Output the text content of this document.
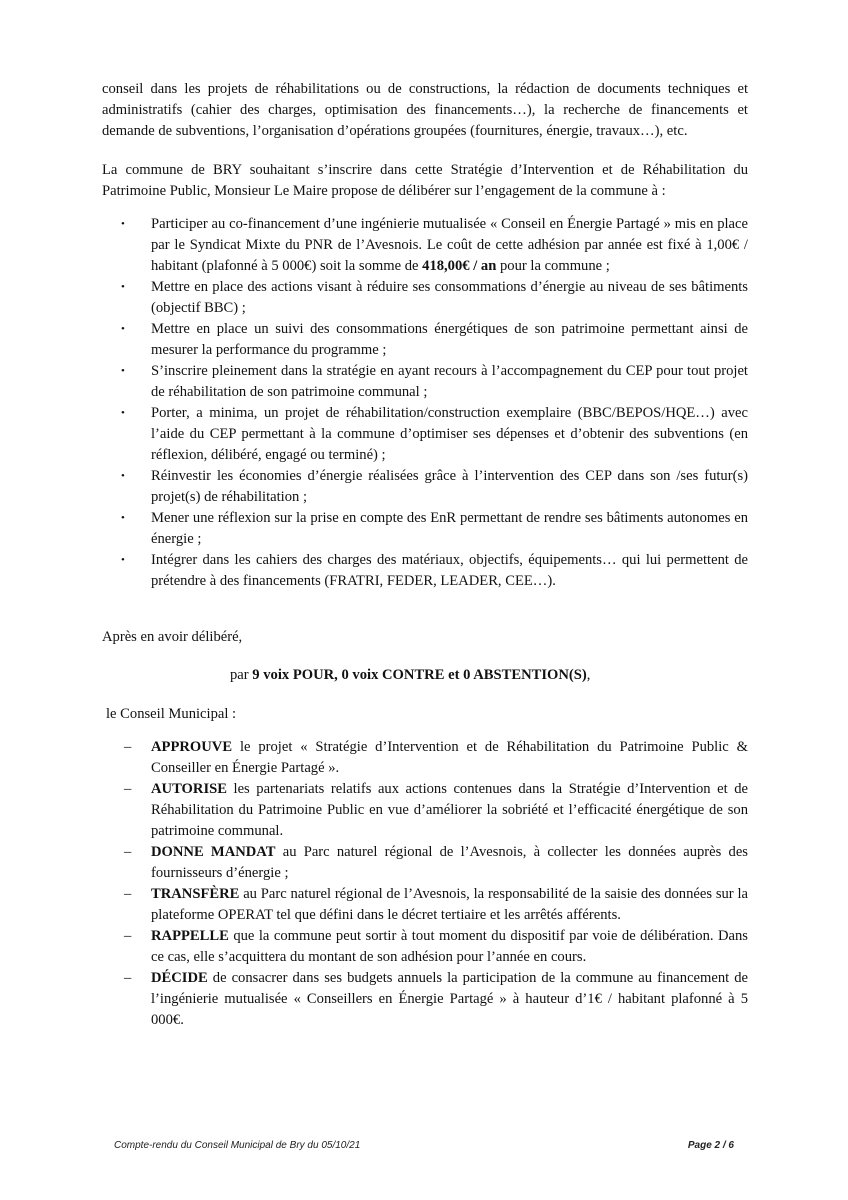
conseil dans les projets de réhabilitations ou de constructions, la rédaction de documents techniques et administratifs (cahier des charges, optimisation des financements…), la recherche de financements et demande de subventions, l’organisation d’opérations groupées (fournitures, énergie, travaux…), etc.

La commune de BRY souhaitant s’inscrire dans cette Stratégie d’Intervention et de Réhabilitation du Patrimoine Public, Monsieur Le Maire propose de délibérer sur l’engagement de la commune à :

• Participer au co-financement d’une ingénierie mutualisée « Conseil en Énergie Partagé » mis en place par le Syndicat Mixte du PNR de l’Avesnois. Le coût de cette adhésion par année est fixé à 1,00€ / habitant (plafonné à 5 000€) soit la somme de 418,00€ / an pour la commune ;
• Mettre en place des actions visant à réduire ses consommations d’énergie au niveau de ses bâtiments (objectif BBC) ;
• Mettre en place un suivi des consommations énergétiques de son patrimoine permettant ainsi de mesurer la performance du programme ;
• S’inscrire pleinement dans la stratégie en ayant recours à l’accompagnement du CEP pour tout projet de réhabilitation de son patrimoine communal ;
• Porter, a minima, un projet de réhabilitation/construction exemplaire (BBC/BEPOS/HQE…) avec l’aide du CEP permettant à la commune d’optimiser ses dépenses et d’obtenir des subventions (en réflexion, délibéré, engagé ou terminé) ;
• Réinvestir les économies d’énergie réalisées grâce à l’intervention des CEP dans son /ses futur(s) projet(s) de réhabilitation ;
• Mener une réflexion sur la prise en compte des EnR permettant de rendre ses bâtiments autonomes en énergie ;
• Intégrer dans les cahiers des charges des matériaux, objectifs, équipements… qui lui permettent de prétendre à des financements (FRATRI, FEDER, LEADER, CEE…).

Après en avoir délibéré,

par 9 voix POUR, 0 voix CONTRE et 0 ABSTENTION(S),

le Conseil Municipal :

– APPROUVE le projet « Stratégie d’Intervention et de Réhabilitation du Patrimoine Public & Conseiller en Énergie Partagé ».
– AUTORISE les partenariats relatifs aux actions contenues dans la Stratégie d’Intervention et de Réhabilitation du Patrimoine Public en vue d’améliorer la sobriété et l’efficacité énergétique de son patrimoine communal.
– DONNE MANDAT au Parc naturel régional de l’Avesnois, à collecter les données auprès des fournisseurs d’énergie ;
– TRANSFÈRE au Parc naturel régional de l’Avesnois, la responsabilité de la saisie des données sur la plateforme OPERAT tel que défini dans le décret tertiaire et les arrêtés afférents.
– RAPPELLE que la commune peut sortir à tout moment du dispositif par voie de délibération. Dans ce cas, elle s’acquittera du montant de son adhésion pour l’année en cours.
– DÉCIDE de consacrer dans ses budgets annuels la participation de la commune au financement de l’ingénierie mutualisée « Conseillers en Énergie Partagé » à hauteur d’1€ / habitant plafonné à 5 000€.
Compte-rendu du Conseil Municipal de Bry du 05/10/21	Page 2 / 6
